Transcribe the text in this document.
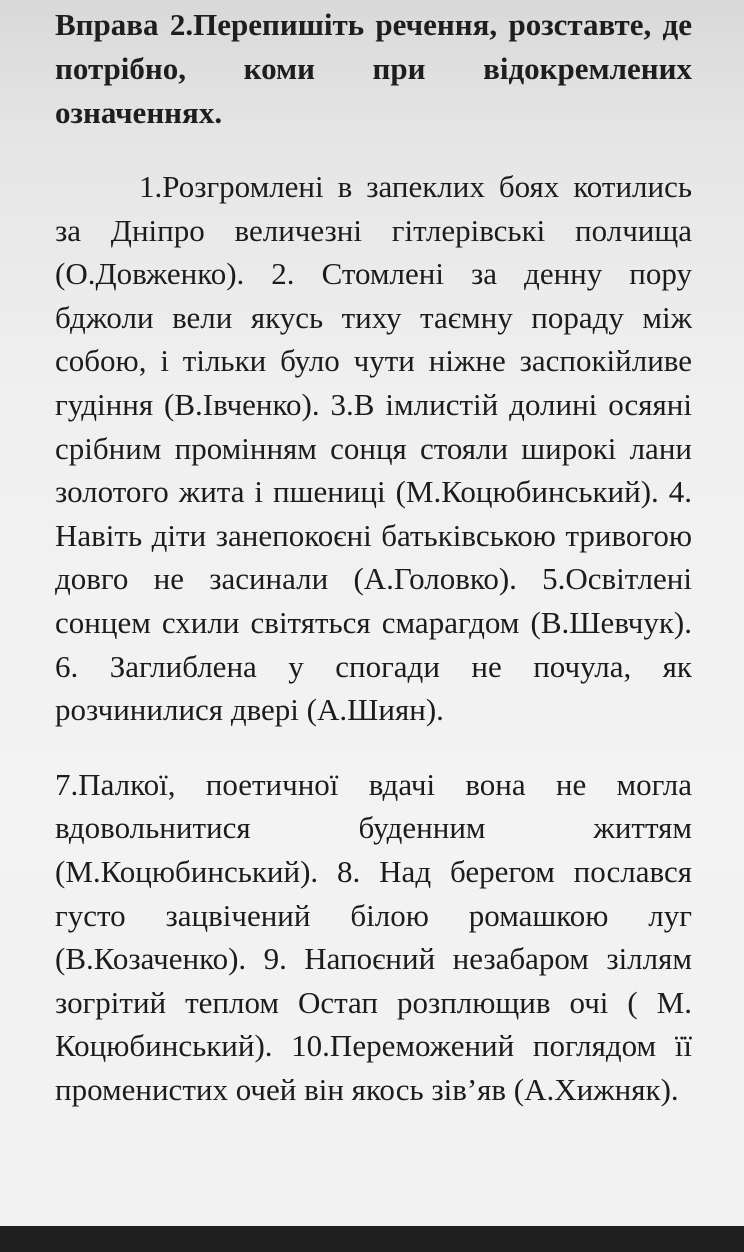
Вправа 2.Перепишіть речення, розставте, де потрібно, коми при відокремлених означеннях.

1.Розгромлені в запеклих боях котились за Дніпро величезні гітлерівські полчища (О.Довженко). 2. Стомлені за денну пору бджоли вели якусь тиху таємну пораду між собою, і тільки було чути ніжне заспокійливе гудіння (В.Івченко). 3.В імлистій долині осяяні срібним промінням сонця стояли широкі лани золотого жита і пшениці (М.Коцюбинський). 4. Навіть діти занепокоєні батьківською тривогою довго не засинали (А.Головко). 5.Освітлені сонцем схили світяться смарагдом (В.Шевчук). 6. Заглиблена у спогади не почула, як розчинилися двері (А.Шиян).

7.Палкої, поетичної вдачі вона не могла вдовольнитися буденним життям (М.Коцюбинський). 8. Над берегом послався густо зацвічений білою ромашкою луг (В.Козаченко). 9. Напоєний незабаром зіллям зогрітий теплом Остап розплющив очі ( М. Коцюбинський). 10.Переможений поглядом її променистих очей він якось зів’яв (А.Хижняк).
